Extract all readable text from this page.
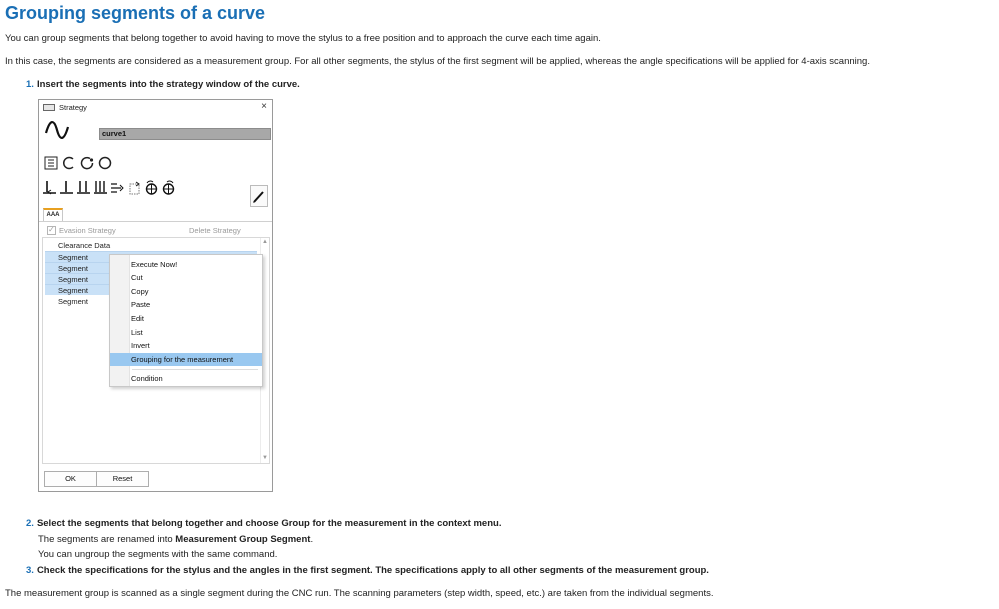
Grouping segments of a curve
You can group segments that belong together to avoid having to move the stylus to a free position and to approach the curve each time again.
In this case, the segments are considered as a measurement group. For all other segments, the stylus of the first segment will be applied, whereas the angle specifications will be applied for 4-axis scanning.
1. Insert the segments into the strategy window of the curve.
Strategy	×
curve1
AAA
✓
Evasion Strategy	Delete Strategy
Clearance Data
Segment
Segment
Segment
Segment
Segment
▲
▼
Execute Now!
Cut
Copy
Paste
Edit
List
Invert
Grouping for the measurement
Condition
OK	Reset
2. Select the segments that belong together and choose Group for the measurement in the context menu.
The segments are renamed into Measurement Group Segment.
You can ungroup the segments with the same command.
3. Check the specifications for the stylus and the angles in the first segment. The specifications apply to all other segments of the measurement group.
The measurement group is scanned as a single segment during the CNC run. The scanning parameters (step width, speed, etc.) are taken from the individual segments.
